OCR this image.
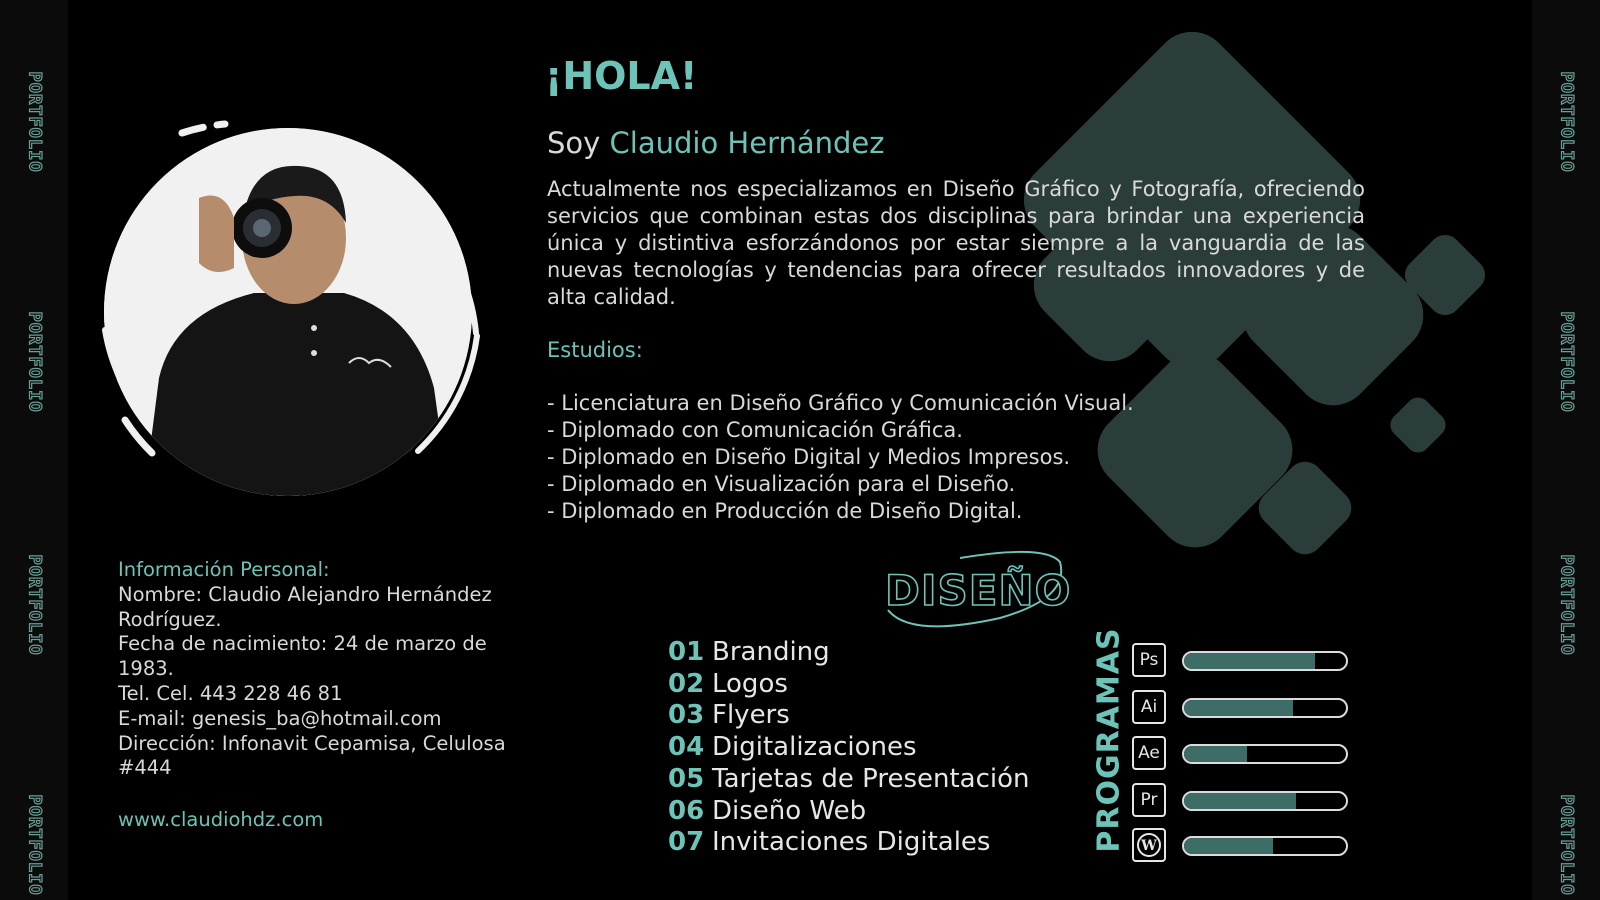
PORTFOLIO
PORTFOLIO
PORTFOLIO
PORTFOLIO
PORTFOLIO
PORTFOLIO
PORTFOLIO
PORTFOLIO
¡HOLA!
Soy Claudio Hernández
Actualmente nos especializamos en Diseño Gráfico y Fotografía, ofreciendo servicios que combinan estas dos disciplinas para brindar una experiencia única y distintiva esforzándonos por estar siempre a la vanguardia de las nuevas tecnologías y tendencias para ofrecer resultados innovadores y de alta calidad.
Estudios:
- Licenciatura en Diseño Gráfico y Comunicación Visual.
- Diplomado con Comunicación Gráfica.
- Diplomado en Diseño Digital y Medios Impresos.
- Diplomado en Visualización para el Diseño.
- Diplomado en Producción de Diseño Digital.
Información Personal:
Nombre: Claudio Alejandro Hernández Rodríguez.
Fecha de nacimiento: 24 de marzo de 1983.
Tel. Cel. 443 228 46 81
E-mail: genesis_ba@hotmail.com
Dirección: Infonavit Cepamisa, Celulosa #444
www.claudiohdz.com
DISEÑO
01 Branding
02 Logos
03 Flyers
04 Digitalizaciones
05 Tarjetas de Presentación
06 Diseño Web
07 Invitaciones Digitales	PROGRAMAS Ps
Ai
Ae
Pr
W
